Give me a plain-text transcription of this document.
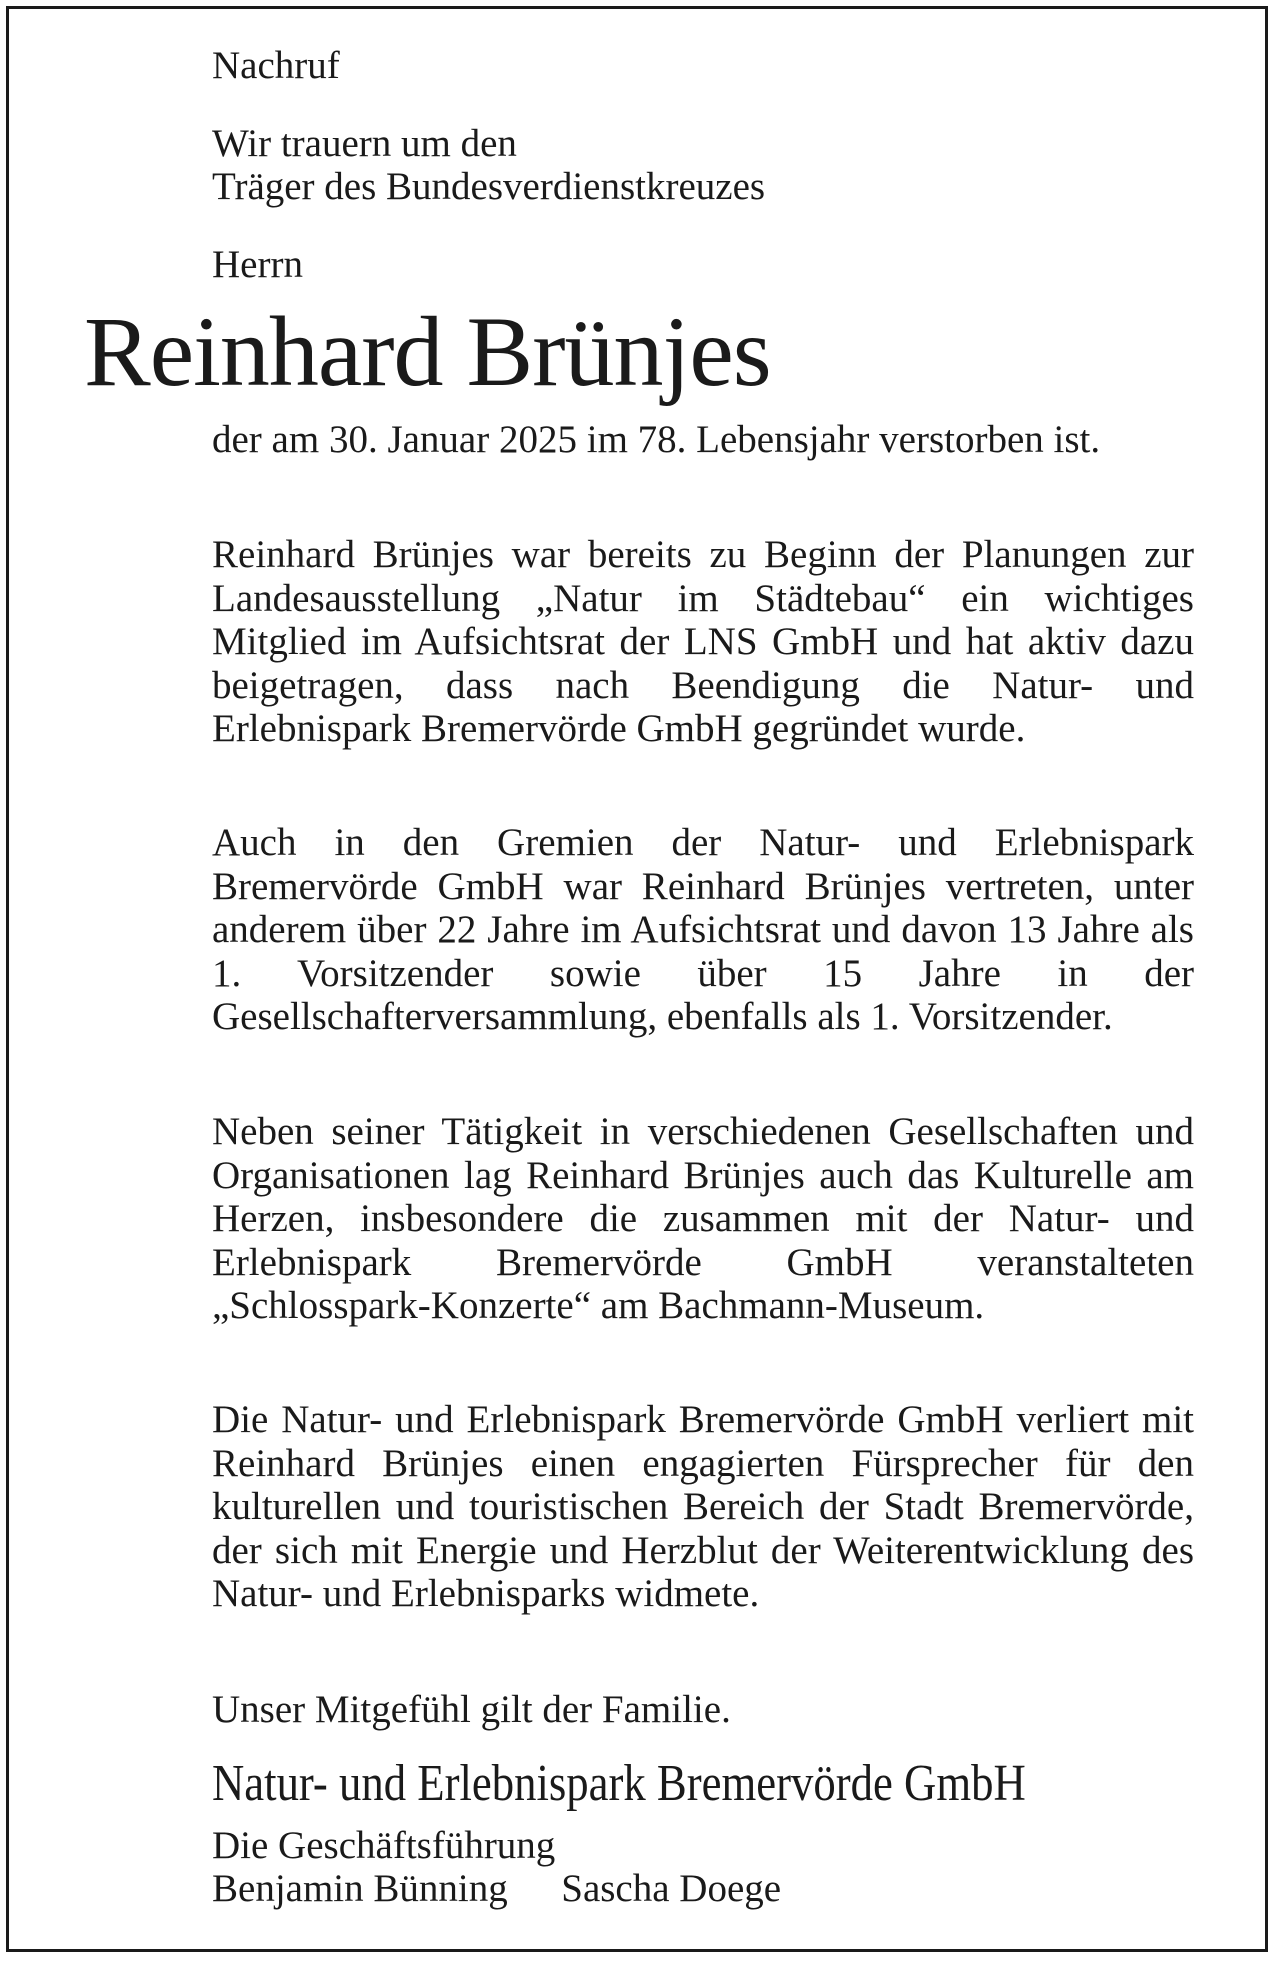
Nachruf
Wir trauern um den
Träger des Bundesverdienstkreuzes
Herrn
Reinhard Brünjes

der am 30. Januar 2025 im 78. Lebensjahr verstorben ist.

Reinhard Brünjes war bereits zu Beginn der Planungen zur Landesausstellung „Natur im Städtebau“ ein wichtiges Mitglied im Aufsichtsrat der LNS GmbH und hat aktiv dazu beigetragen, dass nach Beendigung die Natur- und Erlebnispark Bremervörde GmbH gegründet wurde.

Auch in den Gremien der Natur- und Erlebnispark Bremervörde GmbH war Reinhard Brünjes vertreten, unter anderem über 22 Jahre im Aufsichtsrat und davon 13 Jahre als 1. Vorsitzender sowie über 15 Jahre in der Gesellschafterversammlung, ebenfalls als 1. Vorsitzender.

Neben seiner Tätigkeit in verschiedenen Gesellschaften und Organisationen lag Reinhard Brünjes auch das Kulturelle am Herzen, insbesondere die zusammen mit der Natur- und Erlebnispark Bremervörde GmbH veranstalteten „Schlosspark-Konzerte“ am Bachmann-Museum.

Die Natur- und Erlebnispark Bremervörde GmbH verliert mit Reinhard Brünjes einen engagierten Fürsprecher für den kulturellen und touristischen Bereich der Stadt Bremervörde, der sich mit Energie und Herzblut der Weiterentwicklung des Natur- und Erlebnisparks widmete.

Unser Mitgefühl gilt der Familie.
Natur- und Erlebnispark Bremervörde GmbH
Die Geschäftsführung
Benjamin Bünning Sascha Doege
